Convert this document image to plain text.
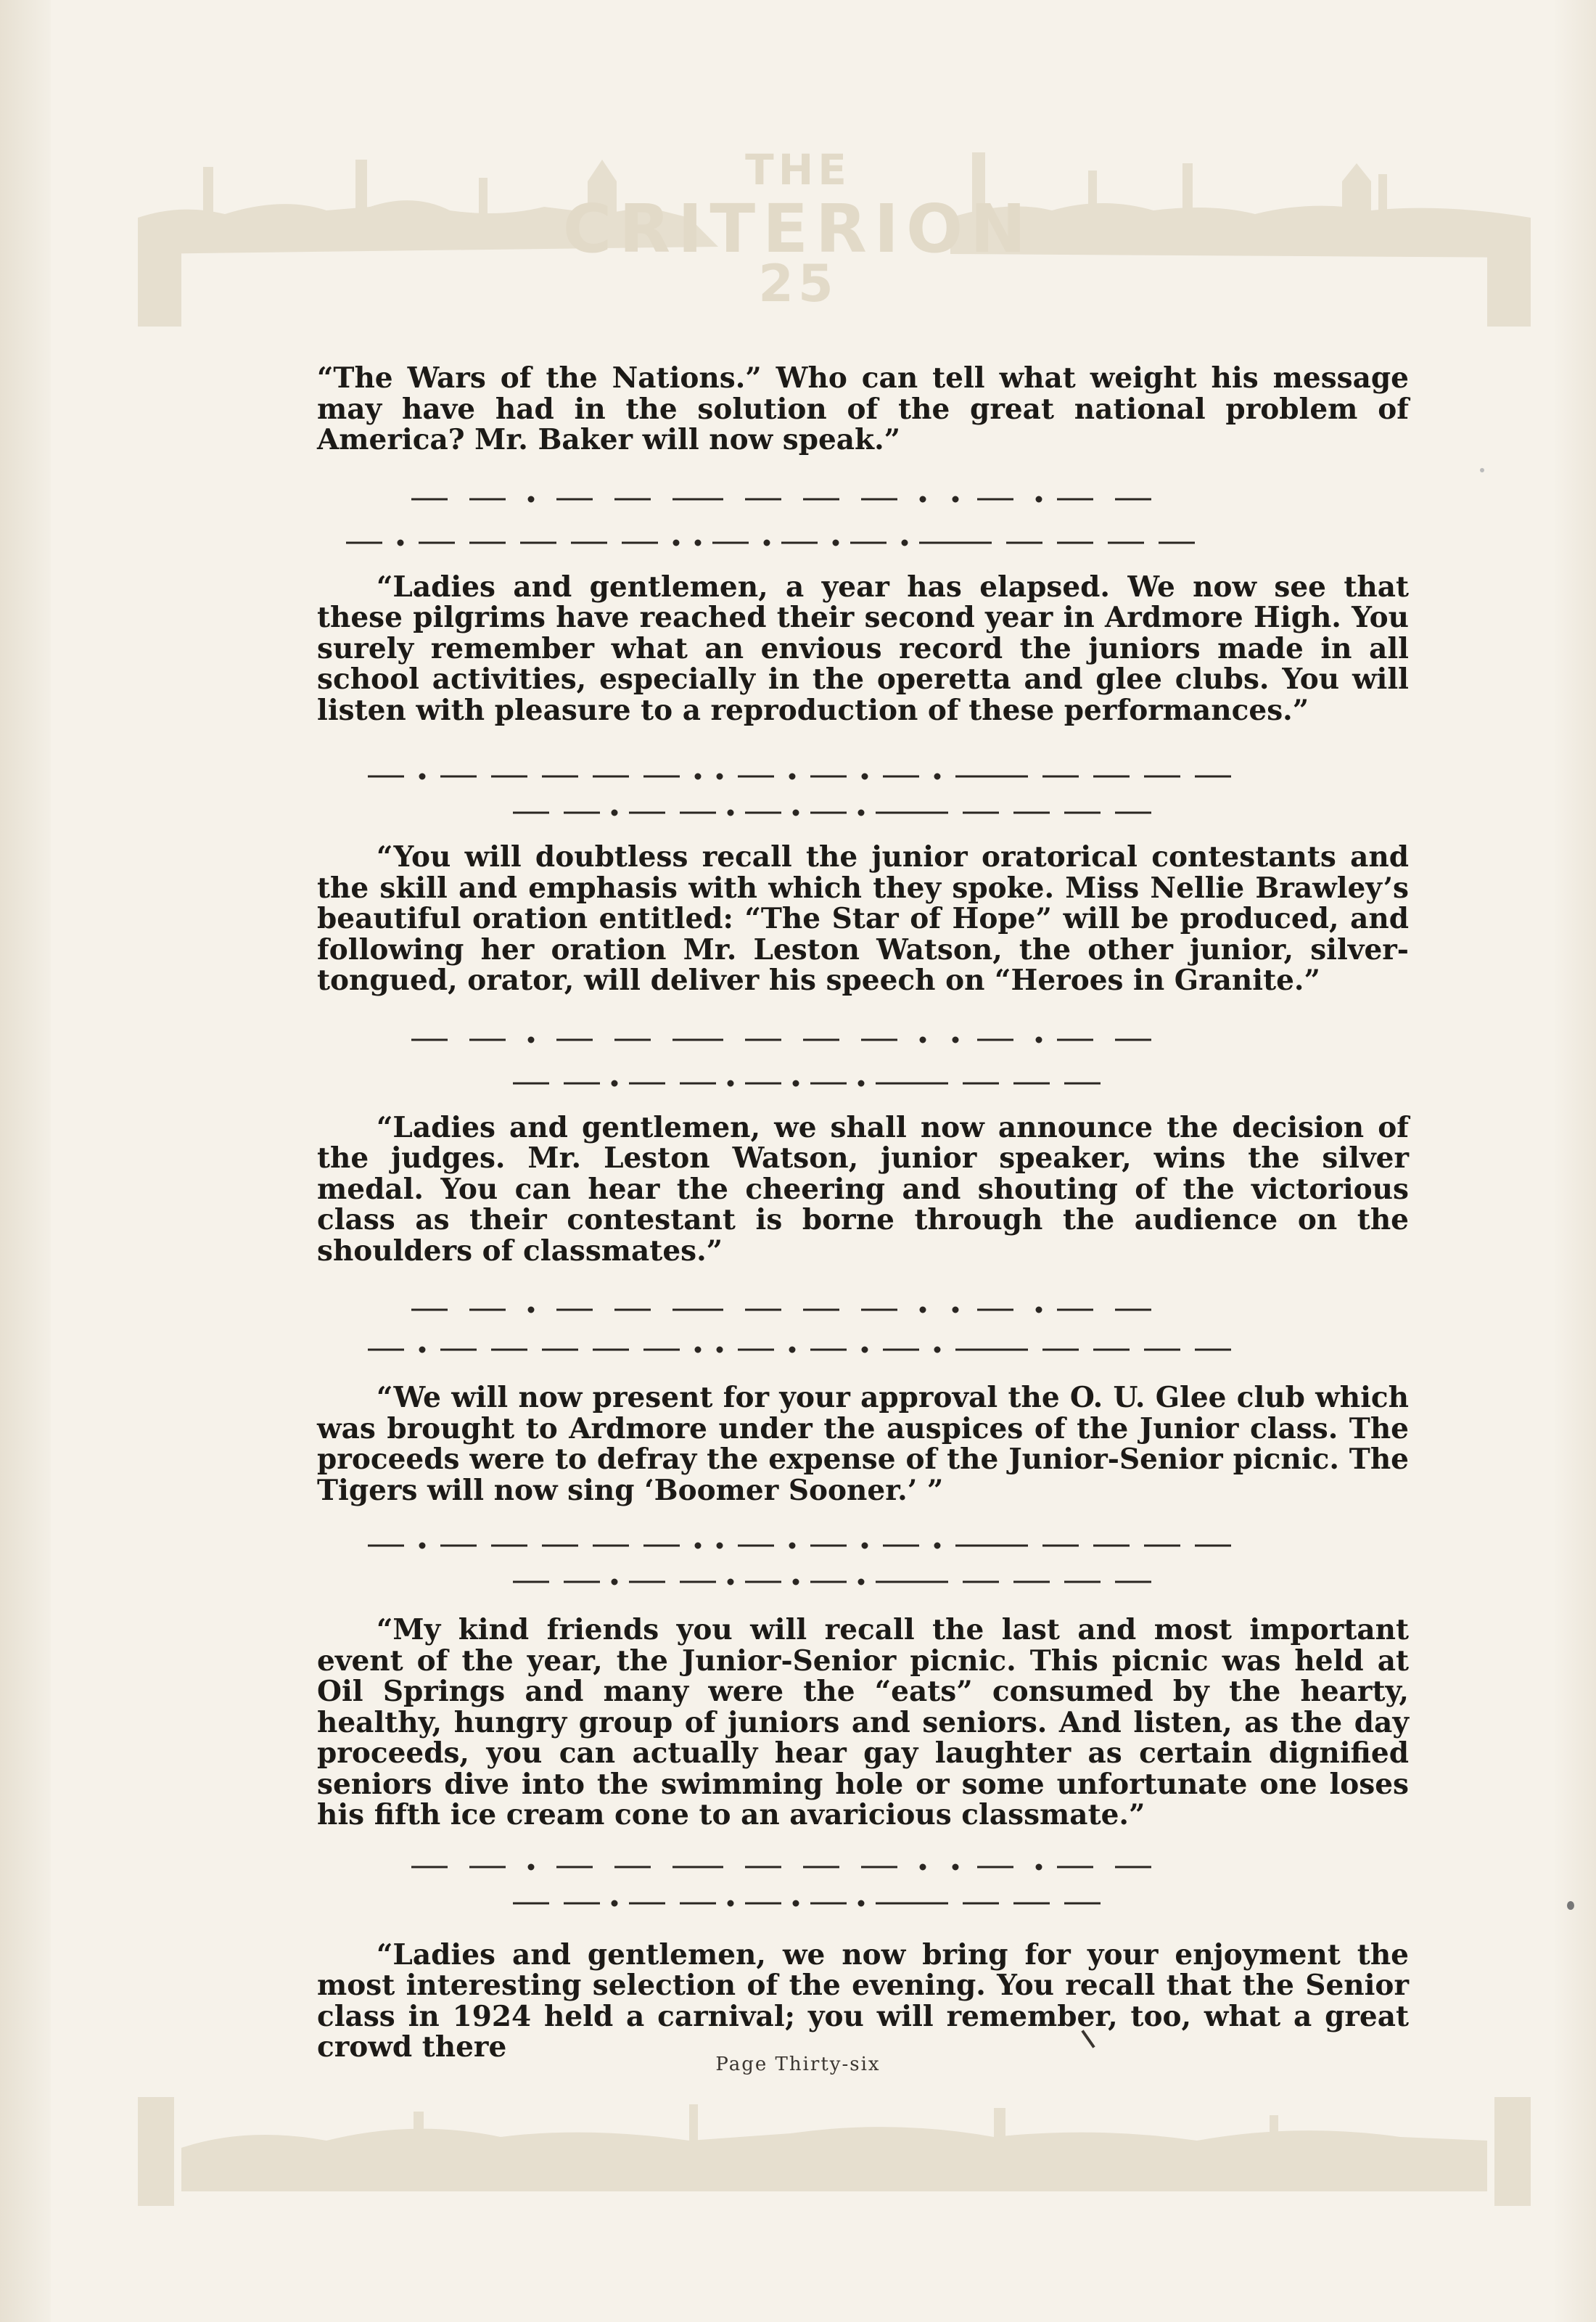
THE
CRITERION
25

“The Wars of the Nations.” Who can tell what weight his message may have had in the solution of the great national problem of America? Mr. Baker will now speak.”

“Ladies and gentlemen, a year has elapsed. We now see that these pilgrims have reached their second year in Ardmore High. You surely remember what an envious record the juniors made in all school activities, especially in the operetta and glee clubs. You will listen with pleasure to a reproduction of these performances.”

“You will doubtless recall the junior oratorical contestants and the skill and emphasis with which they spoke. Miss Nellie Brawley’s beautiful oration entitled: “The Star of Hope” will be produced, and following her oration Mr. Leston Watson, the other junior, silver-tongued, orator, will deliver his speech on “Heroes in Granite.”

“Ladies and gentlemen, we shall now announce the decision of the judges. Mr. Leston Watson, junior speaker, wins the silver medal. You can hear the cheering and shouting of the victorious class as their contestant is borne through the audience on the shoulders of classmates.”

“We will now present for your approval the O. U. Glee club which was brought to Ardmore under the auspices of the Junior class. The proceeds were to defray the expense of the Junior-Senior picnic. The Tigers will now sing ‘Boomer Sooner.’ ”

“My kind friends you will recall the last and most important event of the year, the Junior-Senior picnic. This picnic was held at Oil Springs and many were the “eats” consumed by the hearty, healthy, hungry group of juniors and seniors. And listen, as the day proceeds, you can actually hear gay laughter as certain dignified seniors dive into the swimming hole or some unfortunate one loses his fifth ice cream cone to an avaricious classmate.”

“Ladies and gentlemen, we now bring for your enjoyment the most interesting selection of the evening. You recall that the Senior class in 1924 held a carnival; you will remember, too, what a great crowd there

Page Thirty-six
